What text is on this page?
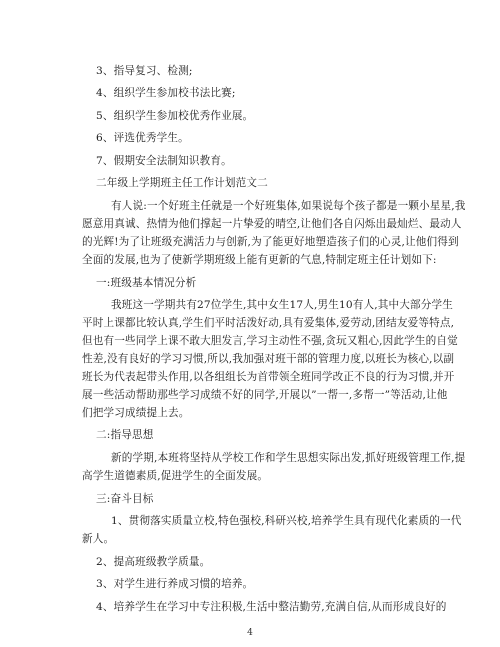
3、指导复习、检测;
4、组织学生参加校书法比赛;
5、组织学生参加校优秀作业展。
6、评选优秀学生。
7、假期安全法制知识教育。
二年级上学期班主任工作计划范文二
有人说:一个好班主任就是一个好班集体,如果说每个孩子都是一颗小星星,我
愿意用真诚、热情为他们撑起一片挚爱的晴空,让他们各自闪烁出最灿烂、最动人
的光辉!为了让班级充满活力与创新,为了能更好地塑造孩子们的心灵,让他们得到
全面的发展,也为了使新学期班级上能有更新的气息,特制定班主任计划如下:
一:班级基本情况分析
我班这一学期共有27位学生,其中女生17人,男生10有人,其中大部分学生
平时上课都比较认真,学生们平时活泼好动,具有爱集体,爱劳动,团结友爱等特点,
但也有一些同学上课不敢大胆发言,学习主动性不强,贪玩又粗心,因此学生的自觉
性差,没有良好的学习习惯,所以,我加强对班干部的管理力度,以班长为核心,以副
班长为代表起带头作用,以各组组长为首带领全班同学改正不良的行为习惯,并开
展一些活动帮助那些学习成绩不好的同学,开展以”一帮一,多帮一”等活动,让他
们把学习成绩提上去。
二:指导思想
新的学期,本班将坚持从学校工作和学生思想实际出发,抓好班级管理工作,提
高学生道德素质,促进学生的全面发展。
三:奋斗目标
1、贯彻落实质量立校,特色强校,科研兴校,培养学生具有现代化素质的一代
新人。
2、提高班级教学质量。
3、对学生进行养成习惯的培养。
4、培养学生在学习中专注积极,生活中整洁勤劳,充满自信,从而形成良好的
4
